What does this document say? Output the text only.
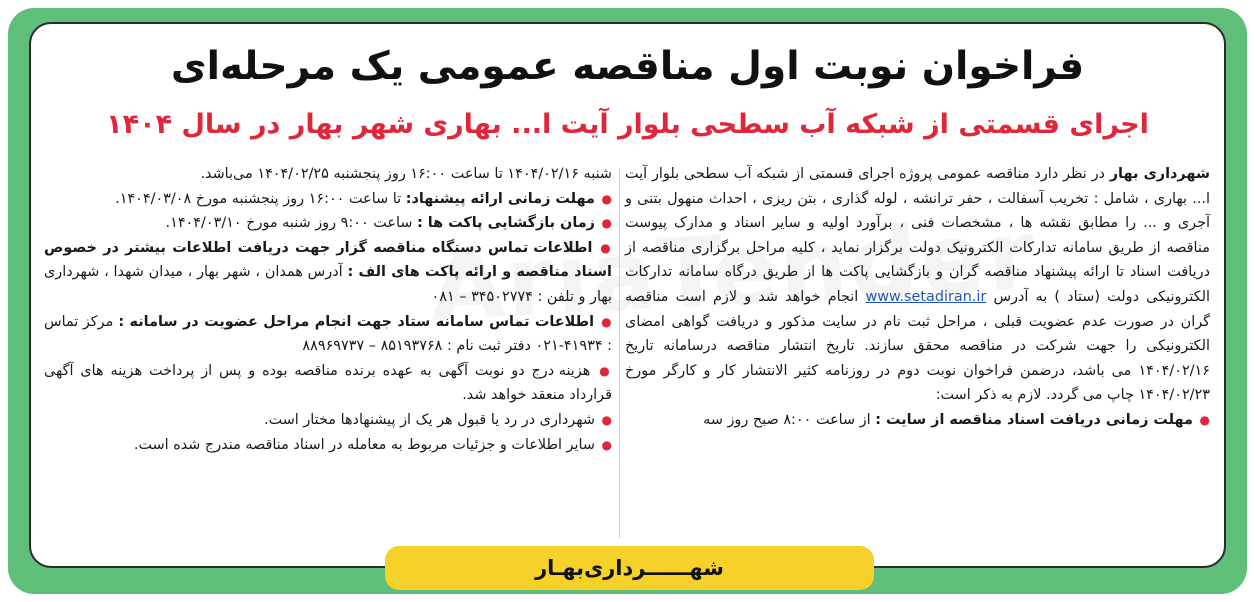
فراخوان نوبت اول مناقصه عمومی یک مرحله‌ای
اجرای قسمتی از شبکه آب سطحی بلوار آیت ا... بهاری شهر بهار در سال ۱۴۰۴

شهرداری بهار در نظر دارد مناقصه عمومی پروژه اجرای قسمتی از شبکه آب سطحی بلوار آیت ا... بهاری ، شامل : تخریب آسفالت ، حفر ترانشه ، لوله گذاری ، بتن ریزی ، احداث منهول بتنی و آجری و ... را مطابق نقشه ها ، مشخصات فنی ، برآورد اولیه و سایر اسناد و مدارک پیوست مناقصه از طریق سامانه تدارکات الکترونیک دولت برگزار نماید ، کلیه مراحل برگزاری مناقصه از دریافت اسناد تا ارائه پیشنهاد مناقصه گران و بازگشایی پاکت ها از طریق درگاه سامانه تدارکات الکترونیکی دولت (ستاد ) به آدرس www.setadiran.ir انجام خواهد شد و لازم است مناقصه گران در صورت عدم عضویت قبلی ، مراحل ثبت نام در سایت مذکور و دریافت گواهی امضای الکترونیکی را جهت شرکت در مناقصه محقق سازند. تاریخ انتشار مناقصه درسامانه تاریخ ۱۴۰۴/۰۲/۱۶ می باشد، درضمن فراخوان نوبت دوم در روزنامه کثیر الانتشار کار و کارگر مورخ ۱۴۰۴/۰۲/۲۳ چاپ می گردد. لازم به ذکر است:

● مهلت زمانی دریافت اسناد مناقصه از سایت : از ساعت ۸:۰۰ صبح روز سه

شنبه ۱۴۰۴/۰۲/۱۶ تا ساعت ۱۶:۰۰ روز پنجشنبه ۱۴۰۴/۰۲/۲۵ می‌باشد.

● مهلت زمانی ارائه پیشنهاد: تا ساعت ۱۶:۰۰ روز پنجشنبه مورخ ۱۴۰۴/۰۳/۰۸.

● زمان بازگشایی پاکت ها : ساعت ۹:۰۰ روز شنبه مورخ ۱۴۰۴/۰۳/۱۰.

● اطلاعات تماس دستگاه مناقصه گزار جهت دریافت اطلاعات بیشتر در خصوص اسناد مناقصه و ارائه پاکت های الف : آدرس همدان ، شهر بهار ، میدان شهدا ، شهرداری بهار و تلفن : ۳۴۵۰۲۷۷۴ – ۰۸۱

● اطلاعات تماس سامانه ستاد جهت انجام مراحل عضویت در سامانه : مرکز تماس : ۴۱۹۳۴-۰۲۱ دفتر ثبت نام : ۸۵۱۹۳۷۶۸ – ۸۸۹۶۹۷۳۷

● هزینه درج دو نوبت آگهی به عهده برنده مناقصه بوده و پس از پرداخت هزینه های آگهی قرارداد منعقد خواهد شد.

● شهرداری در رد یا قبول هر یک از پیشنهادها مختار است.

● سایر اطلاعات و جزئیات مربوط به معامله در اسناد مناقصه مندرج شده است.

شهــــــرداری‌بهـار
